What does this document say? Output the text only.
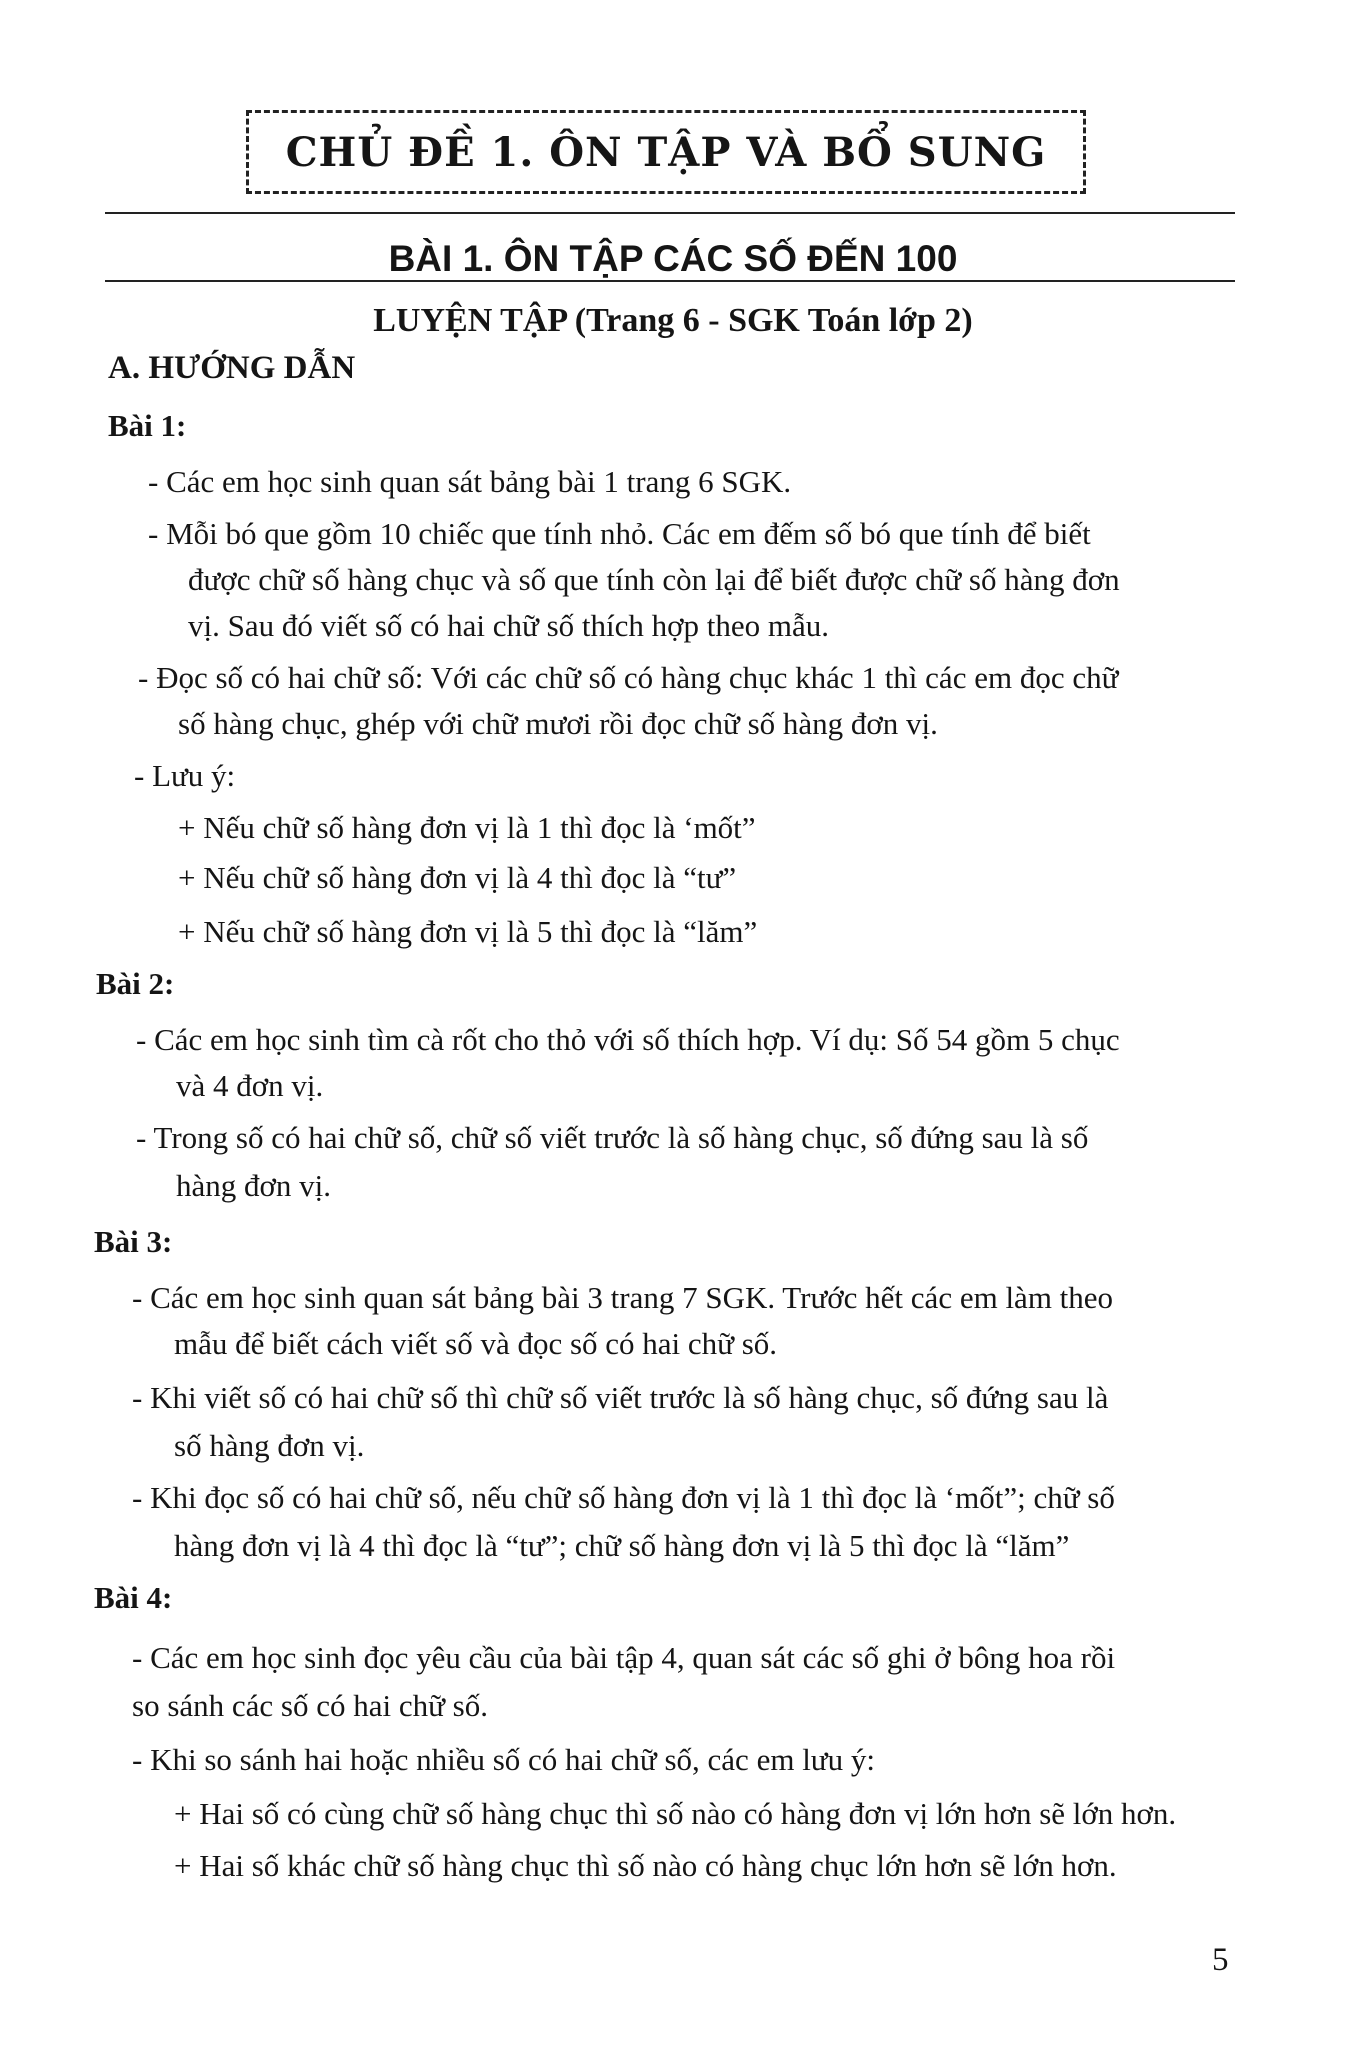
CHỦ ĐỀ 1. ÔN TẬP VÀ BỔ SUNG
BÀI 1. ÔN TẬP CÁC SỐ ĐẾN 100
LUYỆN TẬP (Trang 6 - SGK Toán lớp 2)
A. HƯỚNG DẪN
Bài 1:
- Các em học sinh quan sát bảng bài 1 trang 6 SGK.
- Mỗi bó que gồm 10 chiếc que tính nhỏ. Các em đếm số bó que tính để biết
được chữ số hàng chục và số que tính còn lại để biết được chữ số hàng đơn
vị. Sau đó viết số có hai chữ số thích hợp theo mẫu.
- Đọc số có hai chữ số: Với các chữ số có hàng chục khác 1 thì các em đọc chữ
số hàng chục, ghép với chữ mươi rồi đọc chữ số hàng đơn vị.
- Lưu ý:
+ Nếu chữ số hàng đơn vị là 1 thì đọc là ‘mốt”
+ Nếu chữ số hàng đơn vị là 4 thì đọc là “tư”
+ Nếu chữ số hàng đơn vị là 5 thì đọc là “lăm”
Bài 2:
- Các em học sinh tìm cà rốt cho thỏ với số thích hợp. Ví dụ: Số 54 gồm 5 chục
và 4 đơn vị.
- Trong số có hai chữ số, chữ số viết trước là số hàng chục, số đứng sau là số
hàng đơn vị.
Bài 3:
- Các em học sinh quan sát bảng bài 3 trang 7 SGK. Trước hết các em làm theo
mẫu để biết cách viết số và đọc số có hai chữ số.
- Khi viết số có hai chữ số thì chữ số viết trước là số hàng chục, số đứng sau là
số hàng đơn vị.
- Khi đọc số có hai chữ số, nếu chữ số hàng đơn vị là 1 thì đọc là ‘mốt”; chữ số
hàng đơn vị là 4 thì đọc là “tư”; chữ số hàng đơn vị là 5 thì đọc là “lăm”
Bài 4:
- Các em học sinh đọc yêu cầu của bài tập 4, quan sát các số ghi ở bông hoa rồi
so sánh các số có hai chữ số.
- Khi so sánh hai hoặc nhiều số có hai chữ số, các em lưu ý:
+ Hai số có cùng chữ số hàng chục thì số nào có hàng đơn vị lớn hơn sẽ lớn hơn.
+ Hai số khác chữ số hàng chục thì số nào có hàng chục lớn hơn sẽ lớn hơn.
5
